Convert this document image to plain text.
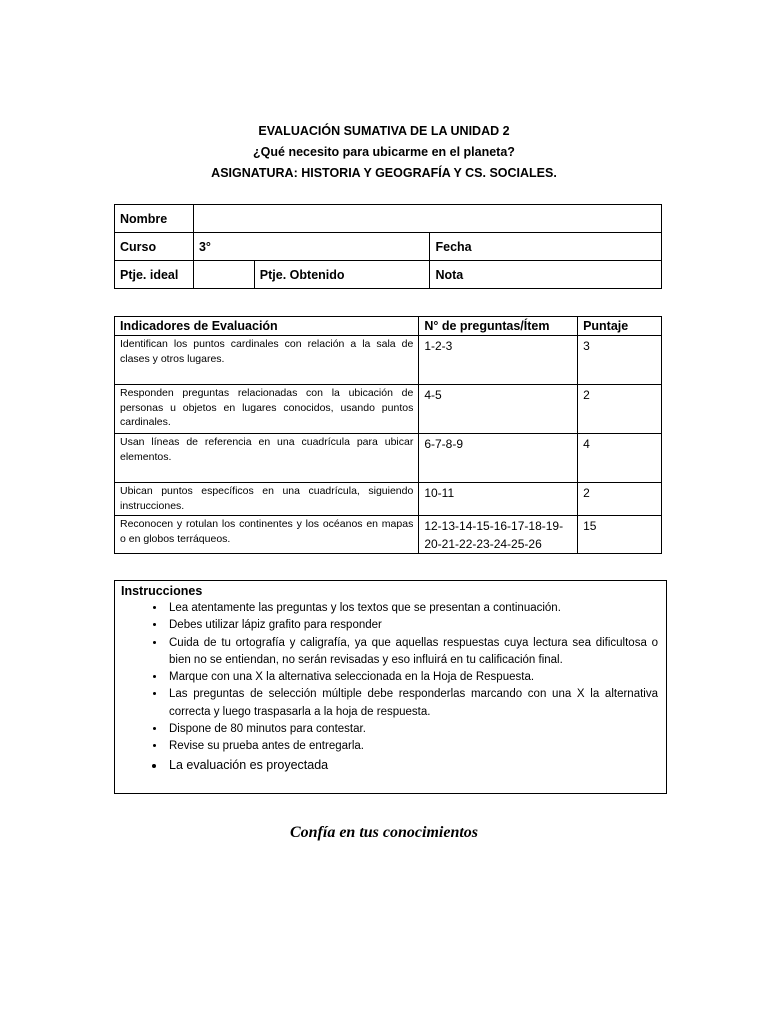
EVALUACIÓN SUMATIVA DE LA UNIDAD 2
¿Qué necesito para ubicarme en el planeta?
ASIGNATURA: HISTORIA Y GEOGRAFÍA Y CS. SOCIALES.
Nombre			
Curso	3°		Fecha
Ptje. ideal		Ptje. Obtenido	Nota
Indicadores de Evaluación	N° de preguntas/Ítem	Puntaje
Identifican los puntos cardinales con relación a la sala de clases y otros lugares.	1-2-3	3
Responden preguntas relacionadas con la ubicación de personas u objetos en lugares conocidos, usando puntos cardinales.	4-5	2
Usan líneas de referencia en una cuadrícula para ubicar elementos.	6-7-8-9	4
Ubican puntos específicos en una cuadrícula, siguiendo instrucciones.	10-11	2
Reconocen y rotulan los continentes y los océanos en mapas o en globos terráqueos.	12-13-14-15-16-17-18-19-20-21-22-23-24-25-26	15
Instrucciones
• Lea atentamente las preguntas y los textos que se presentan a continuación.
• Debes utilizar lápiz grafito para responder
• Cuida de tu ortografía y caligrafía, ya que aquellas respuestas cuya lectura sea dificultosa o bien no se entiendan, no serán revisadas y eso influirá en tu calificación final.
• Marque con una X la alternativa seleccionada en la Hoja de Respuesta.
• Las preguntas de selección múltiple debe responderlas marcando con una X la alternativa correcta y luego traspasarla a la hoja de respuesta.
• Dispone de 80 minutos para contestar.
• Revise su prueba antes de entregarla.
• La evaluación es proyectada
Confía en tus conocimientos
